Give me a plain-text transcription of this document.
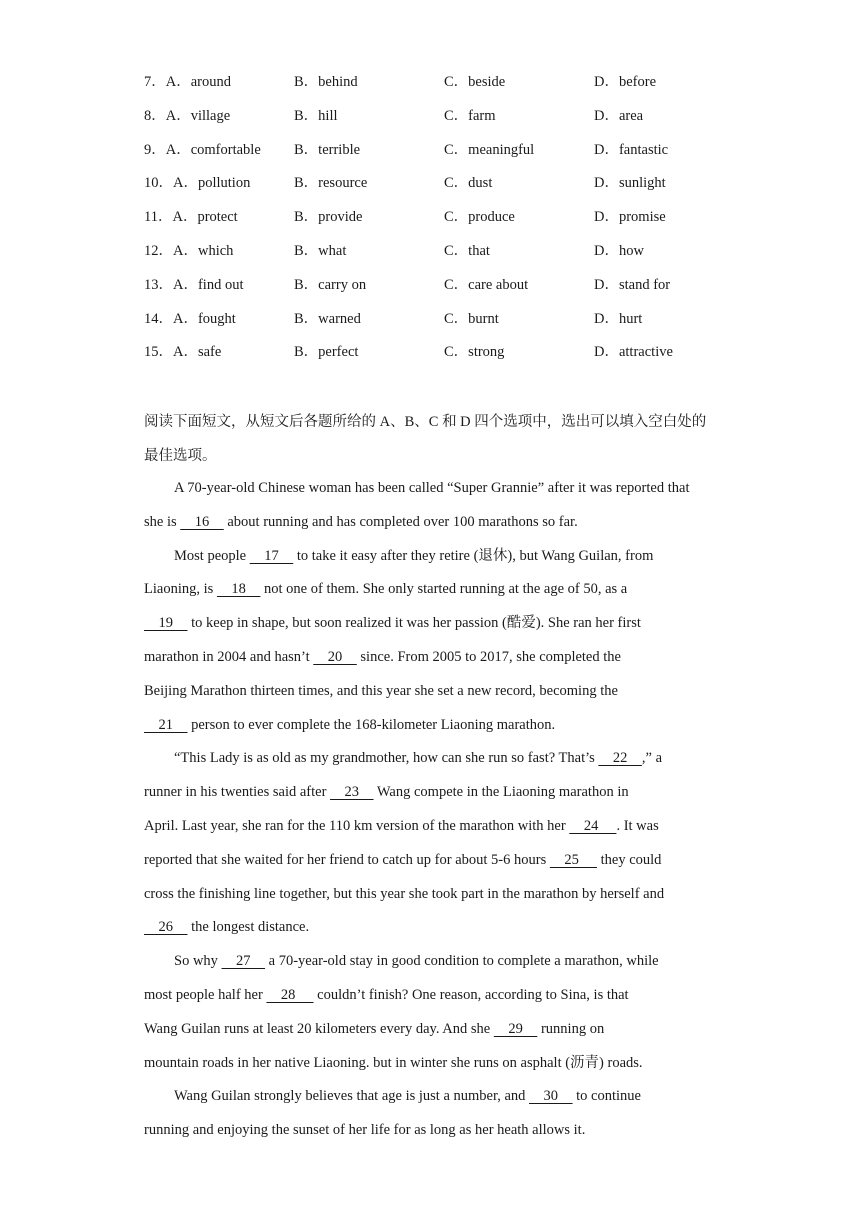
7．A．around	B．behind	C．beside	D．before
8．A．village	B．hill	C．farm	D．area
9．A．comfortable B．terrible	C．meaningful	D．fantastic
10．A．pollution	B．resource	C．dust	D．sunlight
11．A．protect	B．provide	C．produce	D．promise
12．A．which	B．what	C．that	D．how
13．A．find out	B．carry on	C．care about	D．stand for
14．A．fought	B．warned	C．burnt	D．hurt
15．A．safe	B．perfect	C．strong	D．attractive
阅读下面短文，从短文后各题所给的 A、B、C 和 D 四个选项中，选出可以填入空白处的最佳选项。
A 70-year-old Chinese woman has been called “Super Grannie” after it was reported that
she is     16     about running and has completed over 100 marathons so far.
Most people     17     to take it easy after they retire (退休), but Wang Guilan, from
Liaoning, is     18     not one of them. She only started running at the age of 50, as a
19     to keep in shape, but soon realized it was her passion (酷爱). She ran her first
marathon in 2004 and hasn’t     20     since. From 2005 to 2017, she completed the
Beijing Marathon thirteen times, and this year she set a new record, becoming the
21     person to ever complete the 168-kilometer Liaoning marathon.
“This Lady is as old as my grandmother, how can she run so fast? That’s     22    ,” a
runner in his twenties said after     23     Wang compete in the Liaoning marathon in
April. Last year, she ran for the 110 km version of the marathon with her     24     . It was
reported that she waited for her friend to catch up for about 5-6 hours     25      they could
cross the finishing line together, but this year she took part in the marathon by herself and
26     the longest distance.
So why     27     a 70-year-old stay in good condition to complete a marathon, while
most people half her     28      couldn’t finish? One reason, according to Sina, is that
Wang Guilan runs at least 20 kilometers every day. And she     29     running on
mountain roads in her native Liaoning. but in winter she runs on asphalt (沥青) roads.
Wang Guilan strongly believes that age is just a number, and     30     to continue
running and enjoying the sunset of her life for as long as her heath allows it.
